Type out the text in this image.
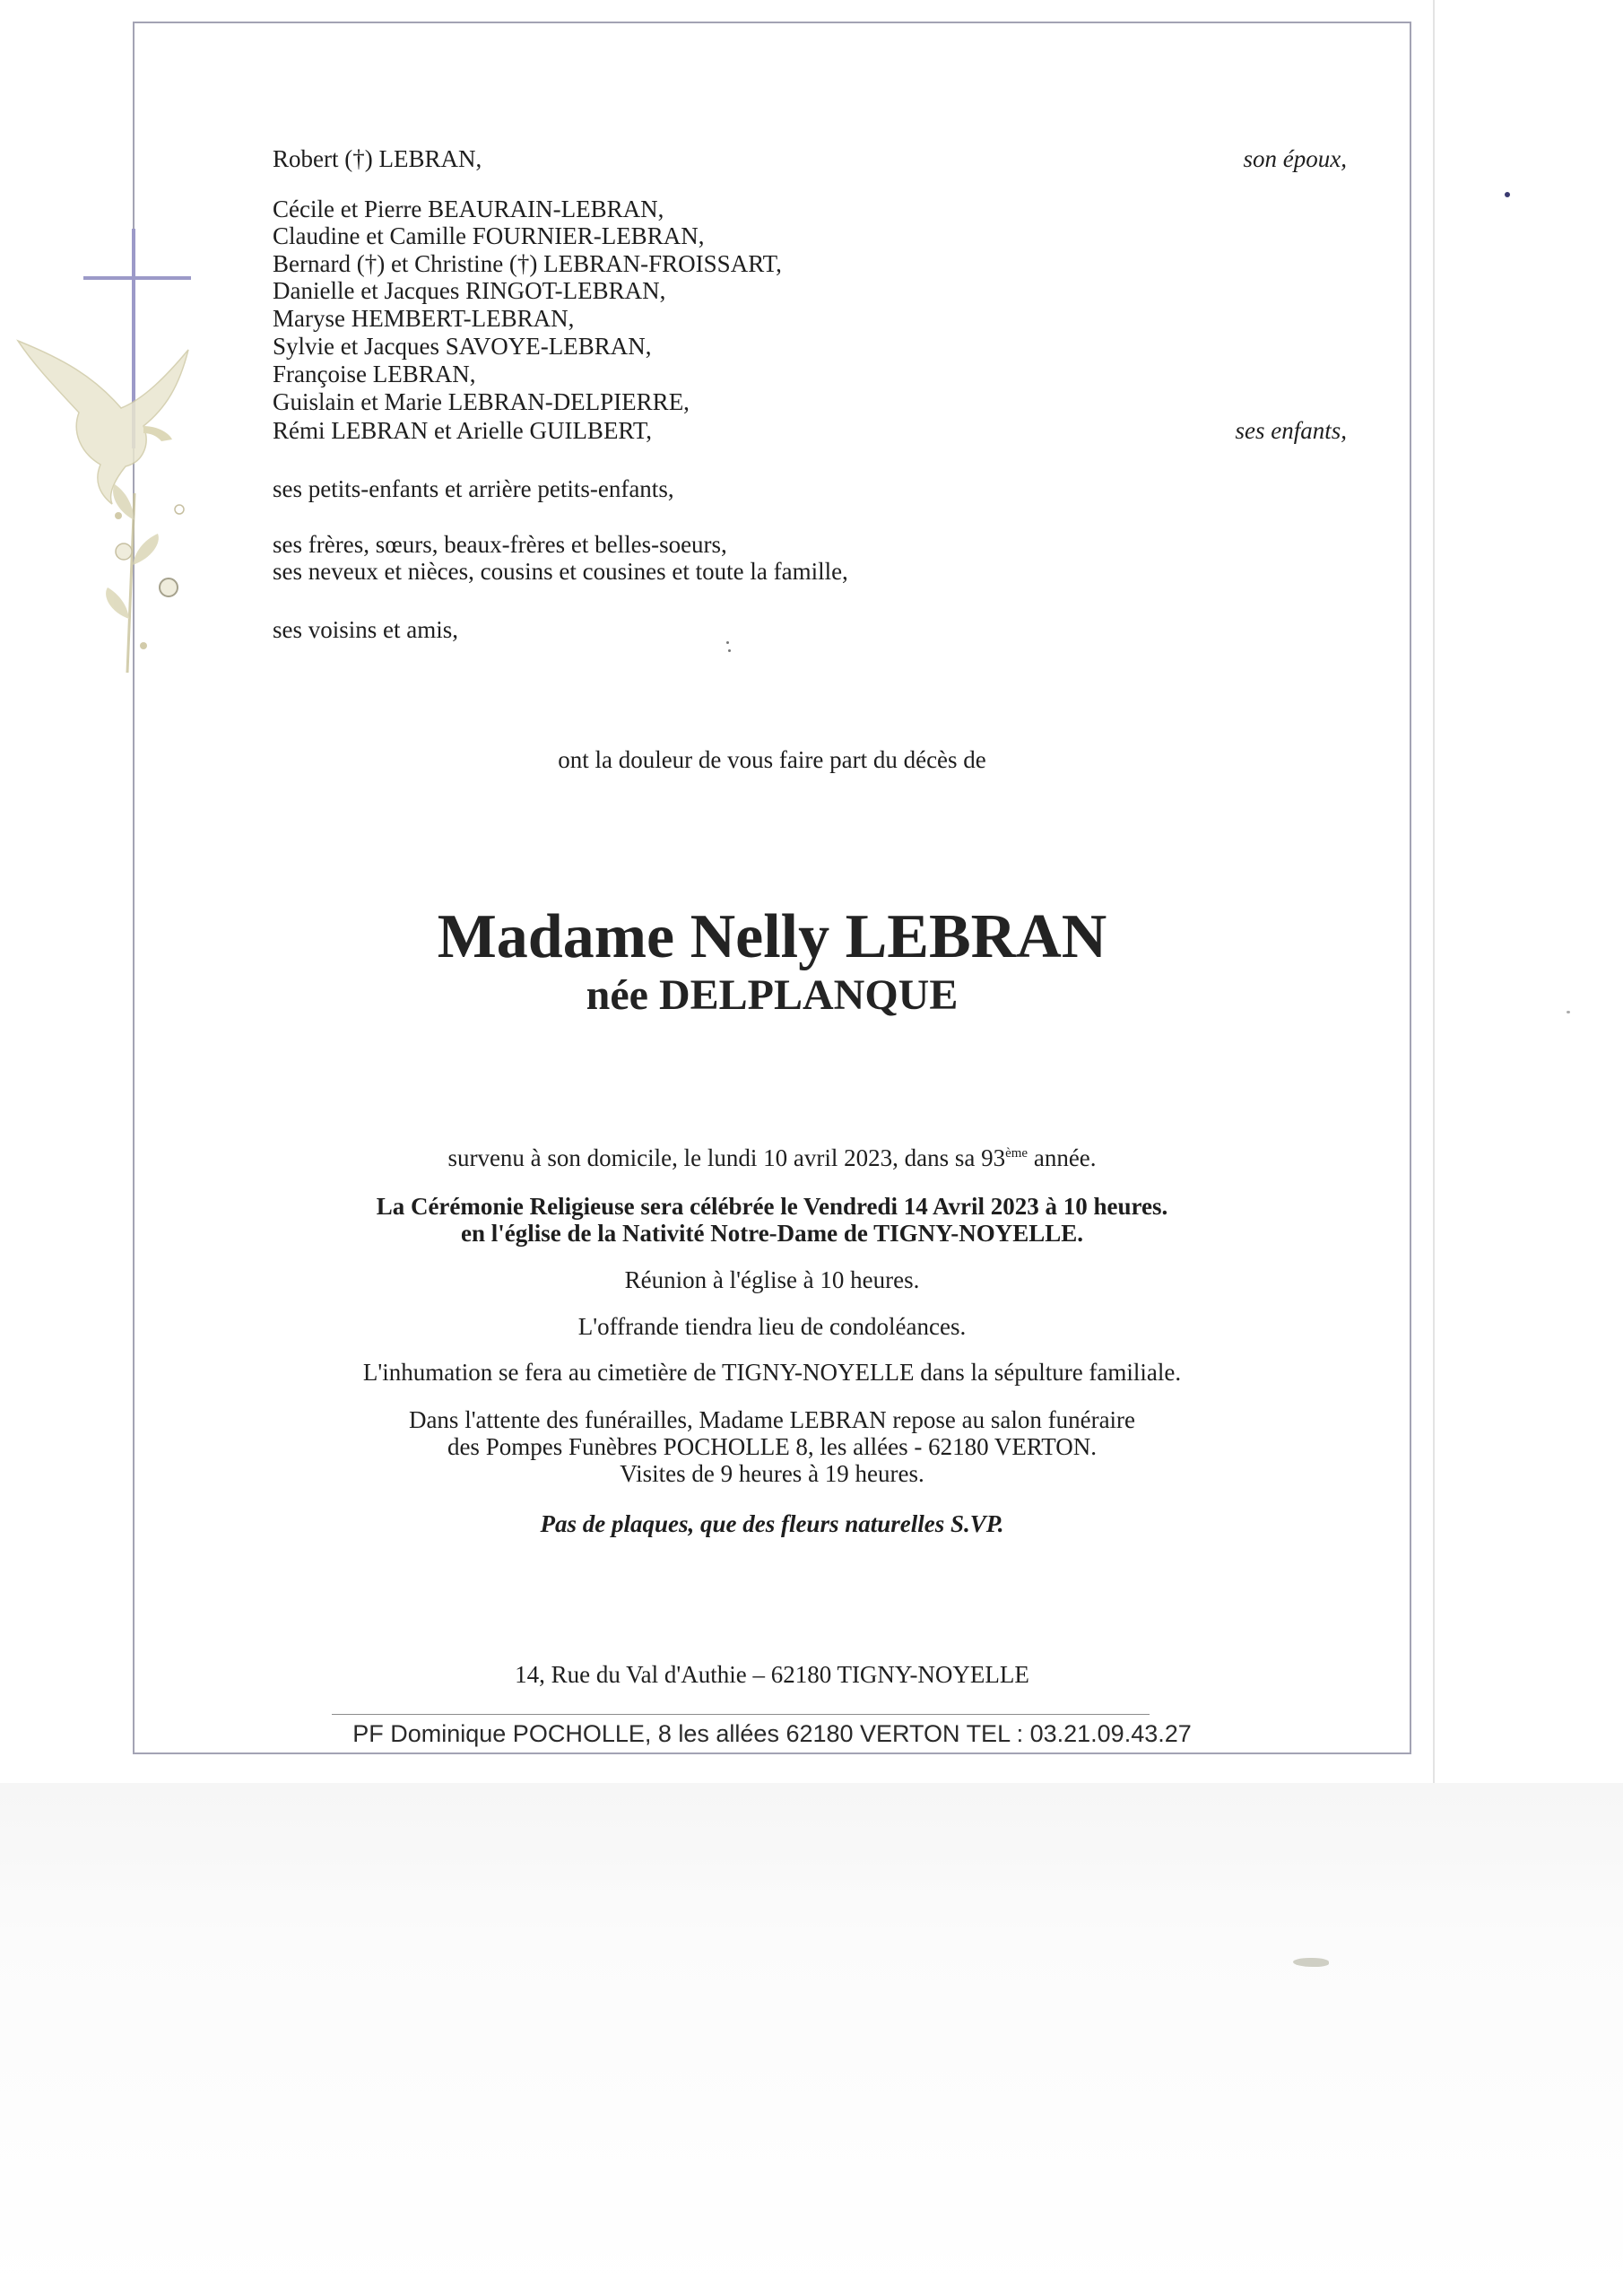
Robert (†) LEBRAN,	son époux,
Cécile et Pierre BEAURAIN-LEBRAN,
Claudine et Camille FOURNIER-LEBRAN,
Bernard (†) et Christine (†) LEBRAN-FROISSART,
Danielle et Jacques RINGOT-LEBRAN,
Maryse HEMBERT-LEBRAN,
Sylvie et Jacques SAVOYE-LEBRAN,
Françoise LEBRAN,
Guislain et Marie LEBRAN-DELPIERRE,
Rémi LEBRAN et Arielle GUILBERT,	ses enfants,
ses petits-enfants et arrière petits-enfants,
ses frères, sœurs, beaux-frères et belles-soeurs,
ses neveux et nièces, cousins et cousines et toute la famille,
ses voisins et amis,
ont la douleur de vous faire part du décès de
Madame Nelly LEBRAN
née DELPLANQUE
survenu à son domicile, le lundi 10 avril 2023, dans sa 93ème année.
La Cérémonie Religieuse sera célébrée le Vendredi 14 Avril 2023 à 10 heures.
en l'église de la Nativité Notre-Dame de TIGNY-NOYELLE.
Réunion à l'église à 10 heures.
L'offrande tiendra lieu de condoléances.
L'inhumation se fera au cimetière de TIGNY-NOYELLE dans la sépulture familiale.
Dans l'attente des funérailles, Madame LEBRAN repose au salon funéraire
des Pompes Funèbres POCHOLLE 8, les allées - 62180 VERTON.
Visites de 9 heures à 19 heures.
Pas de plaques, que des fleurs naturelles S.VP.
14, Rue du Val d'Authie – 62180 TIGNY-NOYELLE
PF Dominique POCHOLLE, 8 les allées 62180 VERTON TEL : 03.21.09.43.27
